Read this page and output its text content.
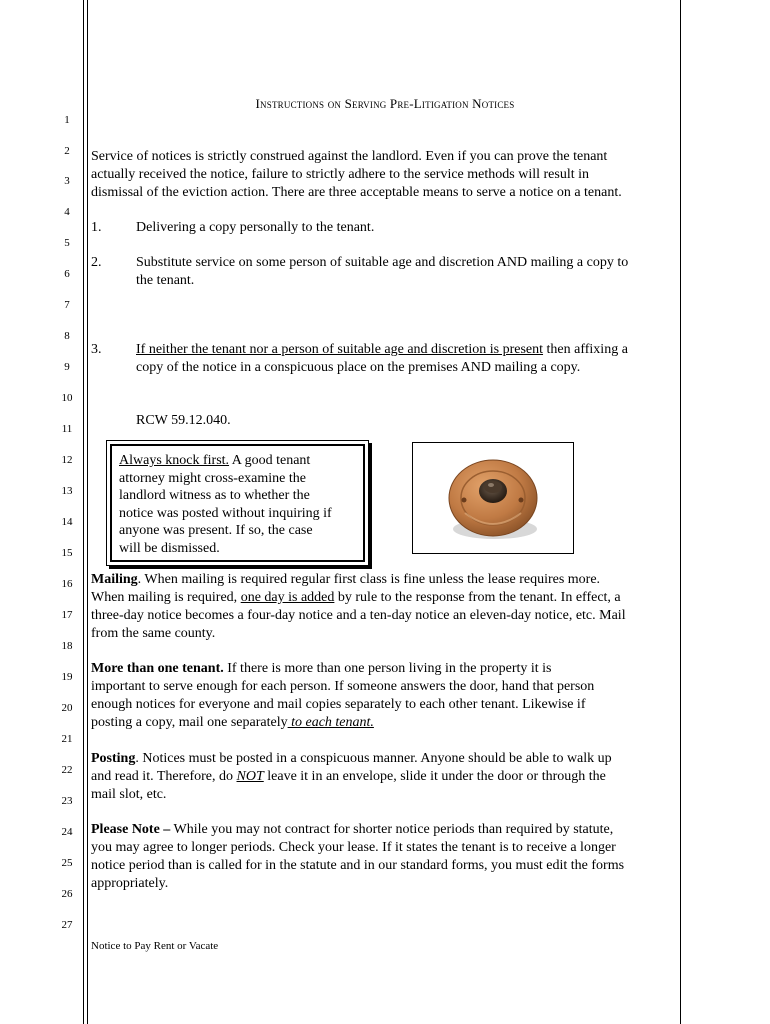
1
2
3
4
5
6
7
8
9
10
11
12
13
14
15
16
17
18
19
20
21
22
23
24
25
26
27
Instructions on Serving Pre-Litigation Notices
Service of notices is strictly construed against the landlord. Even if you can prove the tenant
actually received the notice, failure to strictly adhere to the service methods will result in
dismissal of the eviction action. There are three acceptable means to serve a notice on a tenant.
1. Delivering a copy personally to the tenant.
2. Substitute service on some person of suitable age and discretion AND mailing a copy to
the tenant.
3. If neither the tenant nor a person of suitable age and discretion is present then affixing a
copy of the notice in a conspicuous place on the premises AND mailing a copy.
RCW 59.12.040.
Always knock first. A good tenant
attorney might cross-examine the
landlord witness as to whether the
notice was posted without inquiring if
anyone was present. If so, the case
will be dismissed.
Mailing. When mailing is required regular first class is fine unless the lease requires more.
When mailing is required, one day is added by rule to the response from the tenant. In effect, a
three-day notice becomes a four-day notice and a ten-day notice an eleven-day notice, etc. Mail
from the same county.
More than one tenant. If there is more than one person living in the property it is
important to serve enough for each person. If someone answers the door, hand that person
enough notices for everyone and mail copies separately to each other tenant. Likewise if
posting a copy, mail one separately to each tenant.
Posting. Notices must be posted in a conspicuous manner. Anyone should be able to walk up
and read it. Therefore, do NOT leave it in an envelope, slide it under the door or through the
mail slot, etc.
Please Note – While you may not contract for shorter notice periods than required by statute,
you may agree to longer periods. Check your lease. If it states the tenant is to receive a longer
notice period than is called for in the statute and in our standard forms, you must edit the forms
appropriately.
Notice to Pay Rent or Vacate
